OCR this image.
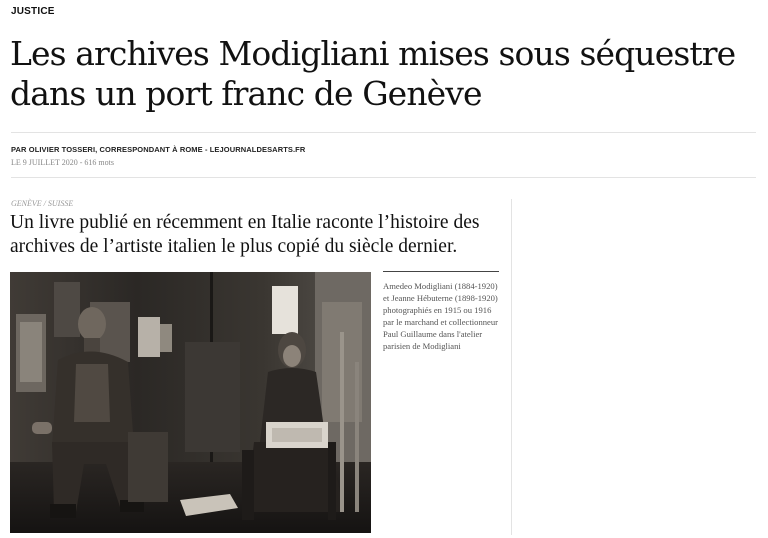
JUSTICE
Les archives Modigliani mises sous séquestre dans un port franc de Genève
PAR OLIVIER TOSSERI, CORRESPONDANT À ROME - LEJOURNALDESARTS.FR
LE 9 JUILLET 2020 - 616 mots
GENÈVE / SUISSE

Un livre publié en récemment en Italie raconte l’histoire des archives de l’artiste italien le plus copié du siècle dernier.

Amedeo Modigliani (1884-1920) et Jeanne Hébuterne (1898-1920) photographiés en 1915 ou 1916 par le marchand et collectionneur Paul Guillaume dans l'atelier parisien de Modigliani
